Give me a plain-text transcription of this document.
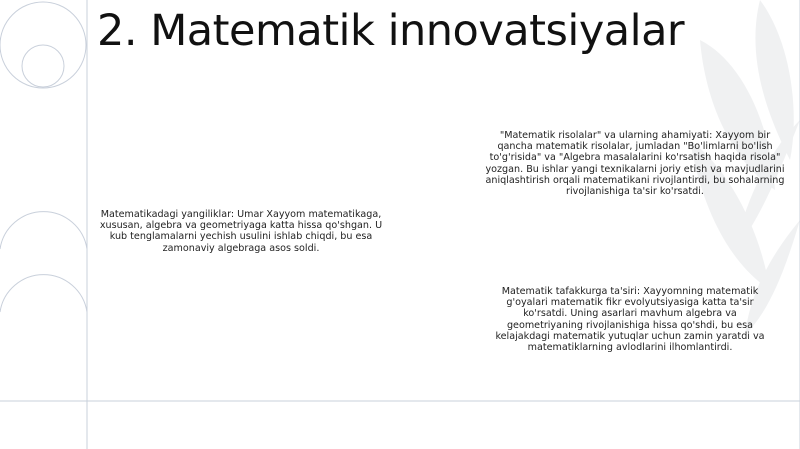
2. Matematik innovatsiyalar

Matematikadagi yangiliklar: Umar Xayyom matematikaga, xususan, algebra va geometriyaga katta hissa qo'shgan. U kub tenglamalarni yechish usulini ishlab chiqdi, bu esa zamonaviy algebraga asos soldi.

"Matematik risolalar" va ularning ahamiyati: Xayyom bir qancha matematik risolalar, jumladan "Bo'limlarni bo'lish to'g'risida" va "Algebra masalalarini ko'rsatish haqida risola" yozgan. Bu ishlar yangi texnikalarni joriy etish va mavjudlarini aniqlashtirish orqali matematikani rivojlantirdi, bu sohalarning rivojlanishiga ta'sir ko'rsatdi.

Matematik tafakkurga ta'siri: Xayyomning matematik g'oyalari matematik fikr evolyutsiyasiga katta ta'sir ko'rsatdi. Uning asarlari mavhum algebra va geometriyaning rivojlanishiga hissa qo'shdi, bu esa kelajakdagi matematik yutuqlar uchun zamin yaratdi va matematiklarning avlodlarini ilhomlantirdi.
